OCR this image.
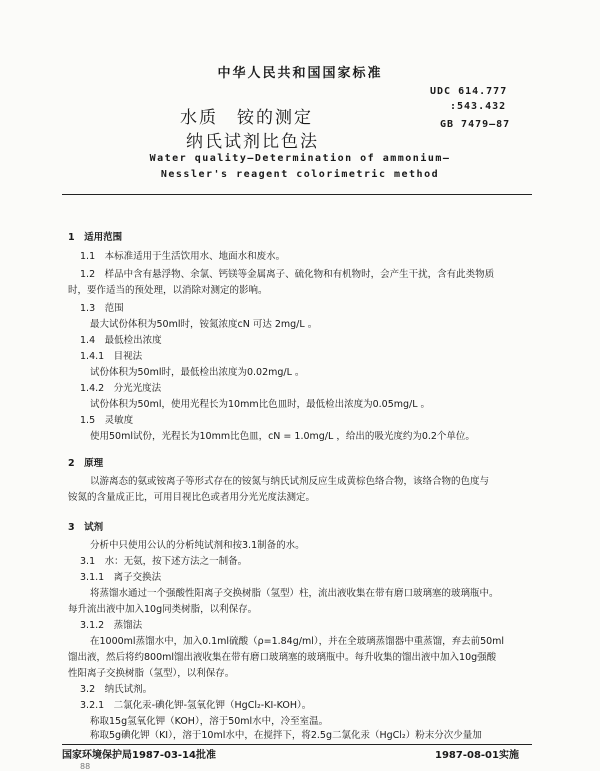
中华人民共和国国家标准
UDC 614.777
:543.432
GB 7479—87
水质　铵的测定
纳氏试剂比色法
Water quality—Determination of ammonium—
Nessler's reagent colorimetric method
1　适用范围
1.1　本标准适用于生活饮用水、地面水和废水。
1.2　样品中含有悬浮物、余氯、钙镁等金属离子、硫化物和有机物时，会产生干扰，含有此类物质
时，要作适当的预处理，以消除对测定的影响。
1.3　范围
最大试份体积为50ml时，铵氮浓度cN 可达 2mg/L 。
1.4　最低检出浓度
1.4.1　目视法
试份体积为50ml时，最低检出浓度为0.02mg/L 。
1.4.2　分光光度法
试份体积为50ml，使用光程长为10mm比色皿时，最低检出浓度为0.05mg/L 。
1.5　灵敏度
使用50ml试份，光程长为10mm比色皿，cN = 1.0mg/L ，给出的吸光度约为0.2个单位。
2　原理
以游离态的氨或铵离子等形式存在的铵氮与纳氏试剂反应生成黄棕色络合物，该络合物的色度与
铵氮的含量成正比，可用目视比色或者用分光光度法测定。
3　试剂
分析中只使用公认的分析纯试剂和按3.1制备的水。
3.1　水：无氨，按下述方法之一制备。
3.1.1　离子交换法
将蒸馏水通过一个强酸性阳离子交换树脂（氢型）柱，流出液收集在带有磨口玻璃塞的玻璃瓶中。
每升流出液中加入10g同类树脂，以利保存。
3.1.2　蒸馏法
在1000ml蒸馏水中，加入0.1ml硫酸（ρ=1.84g/ml），并在全玻璃蒸馏器中重蒸馏，弃去前50ml
馏出液，然后将约800ml馏出液收集在带有磨口玻璃塞的玻璃瓶中。每升收集的馏出液中加入10g强酸
性阳离子交换树脂（氢型），以利保存。
3.2　纳氏试剂。
3.2.1　二氯化汞-碘化钾-氢氧化钾（HgCl₂-KI-KOH）。
称取15g氢氧化钾（KOH），溶于50ml水中，冷至室温。
称取5g碘化钾（KI），溶于10ml水中，在搅拌下，将2.5g二氯化汞（HgCl₂）粉末分次少量加
国家环境保护局1987-03-14批准	1987-08-01实施
88
